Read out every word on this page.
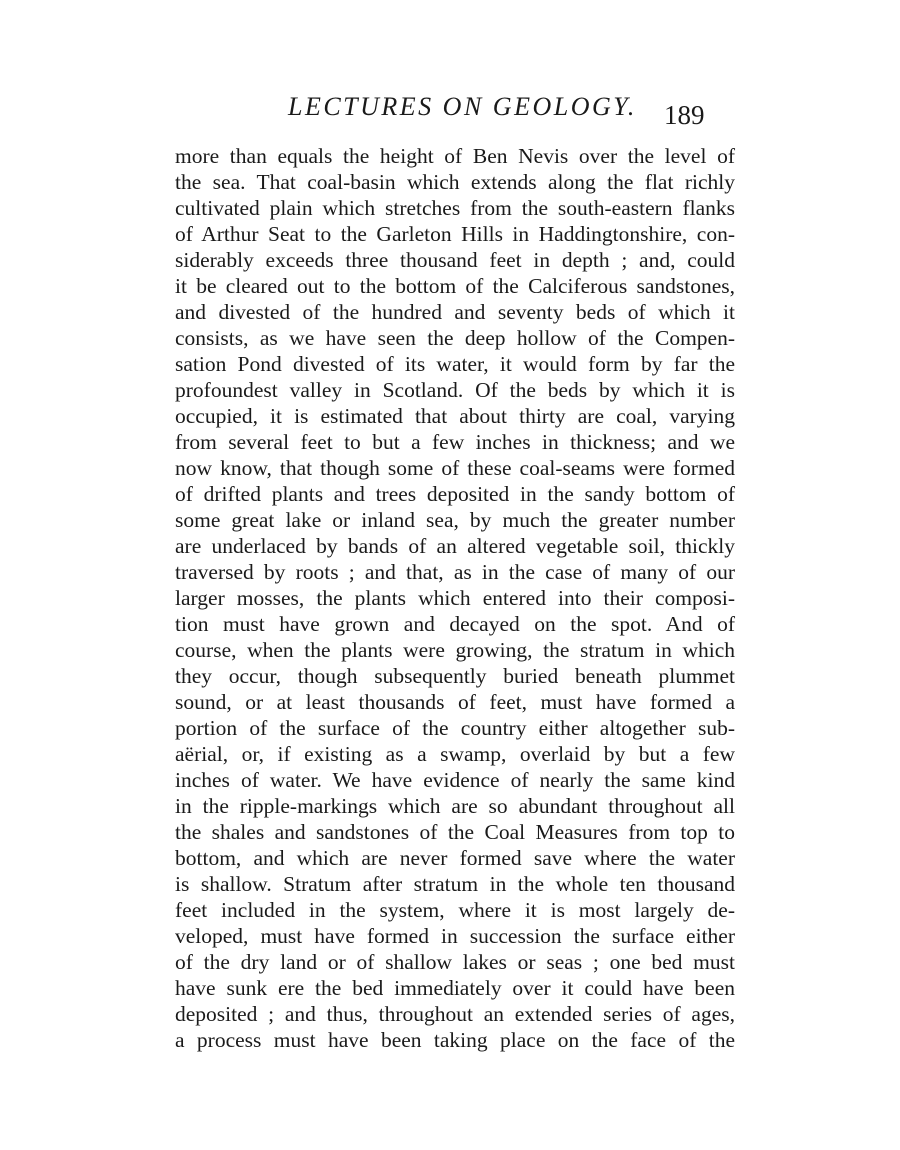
LECTURES ON GEOLOGY. 189
more than equals the height of Ben Nevis over the level of
the sea. That coal-basin which extends along the flat richly
cultivated plain which stretches from the south-eastern flanks
of Arthur Seat to the Garleton Hills in Haddingtonshire, con-
siderably exceeds three thousand feet in depth ; and, could
it be cleared out to the bottom of the Calciferous sandstones,
and divested of the hundred and seventy beds of which it
consists, as we have seen the deep hollow of the Compen-
sation Pond divested of its water, it would form by far the
profoundest valley in Scotland. Of the beds by which it is
occupied, it is estimated that about thirty are coal, varying
from several feet to but a few inches in thickness; and we
now know, that though some of these coal-seams were formed
of drifted plants and trees deposited in the sandy bottom of
some great lake or inland sea, by much the greater number
are underlaced by bands of an altered vegetable soil, thickly
traversed by roots ; and that, as in the case of many of our
larger mosses, the plants which entered into their composi-
tion must have grown and decayed on the spot. And of
course, when the plants were growing, the stratum in which
they occur, though subsequently buried beneath plummet
sound, or at least thousands of feet, must have formed a
portion of the surface of the country either altogether sub-
aërial, or, if existing as a swamp, overlaid by but a few
inches of water. We have evidence of nearly the same kind
in the ripple-markings which are so abundant throughout all
the shales and sandstones of the Coal Measures from top to
bottom, and which are never formed save where the water
is shallow. Stratum after stratum in the whole ten thousand
feet included in the system, where it is most largely de-
veloped, must have formed in succession the surface either
of the dry land or of shallow lakes or seas ; one bed must
have sunk ere the bed immediately over it could have been
deposited ; and thus, throughout an extended series of ages,
a process must have been taking place on the face of the
